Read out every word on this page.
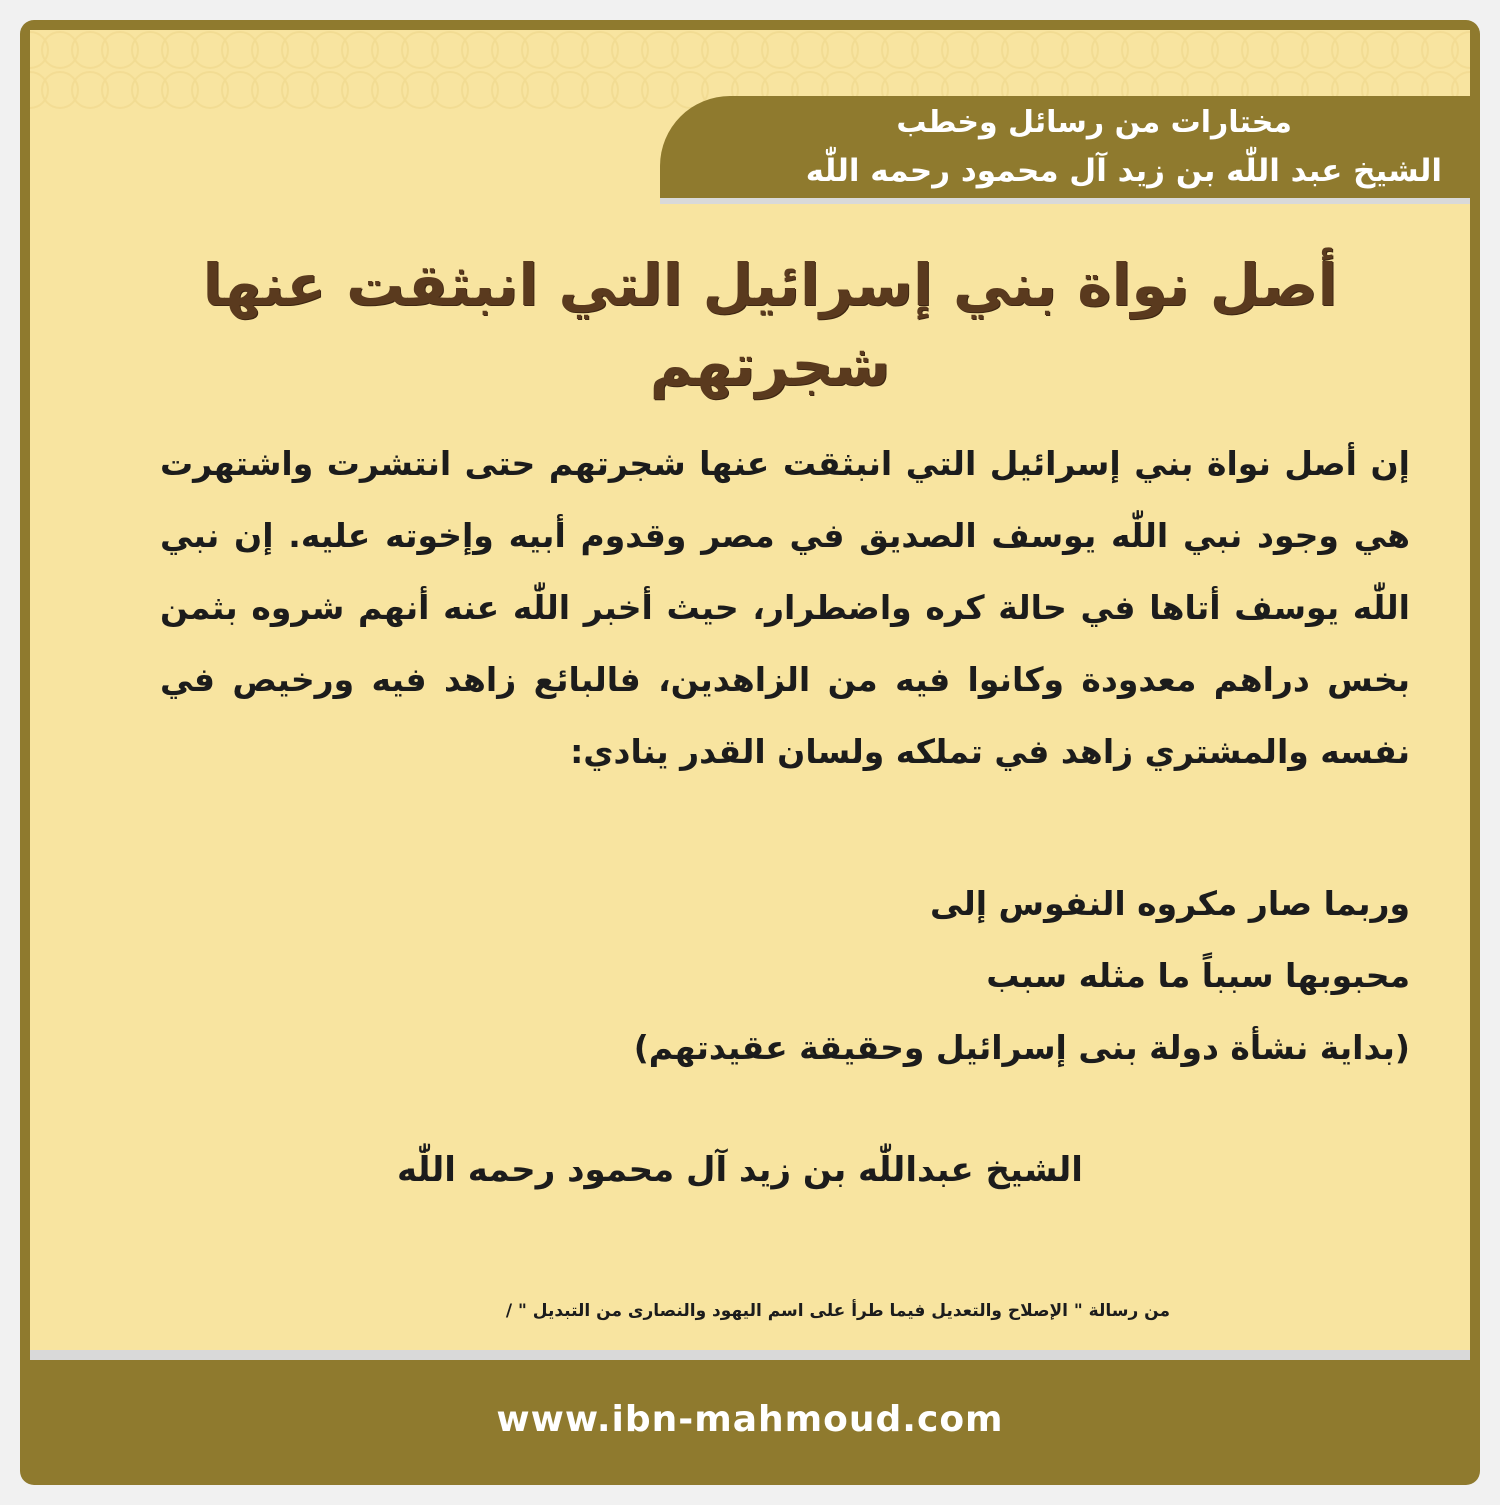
مختارات من رسائل وخطب
الشيخ عبد اللّٰه بن زيد آل محمود رحمه اللّٰه
أصل نواة بني إسرائيل التي انبثقت عنها
شجرتهم
إن أصل نواة بني إسرائيل التي انبثقت عنها شجرتهم حتى انتشرت واشتهرت هي وجود نبي اللّٰه يوسف الصديق في مصر وقدوم أبيه وإخوته عليه. إن نبي اللّٰه يوسف أتاها في حالة كره واضطرار، حيث أخبر اللّٰه عنه أنهم شروه بثمن بخس دراهم معدودة وكانوا فيه من الزاهدين، فالبائع زاهد فيه ورخيص في نفسه والمشتري زاهد في تملكه ولسان القدر ينادي:
وربما صار مكروه النفوس إلى
محبوبها سبباً ما مثله سبب
(بداية نشأة دولة بنى إسرائيل وحقيقة عقيدتهم)
الشيخ عبداللّٰه بن زيد آل محمود رحمه اللّٰه
من رسالة " الإصلاح والتعديل فيما طرأ على اسم اليهود والنصارى من التبديل " /
www.ibn-mahmoud.com
